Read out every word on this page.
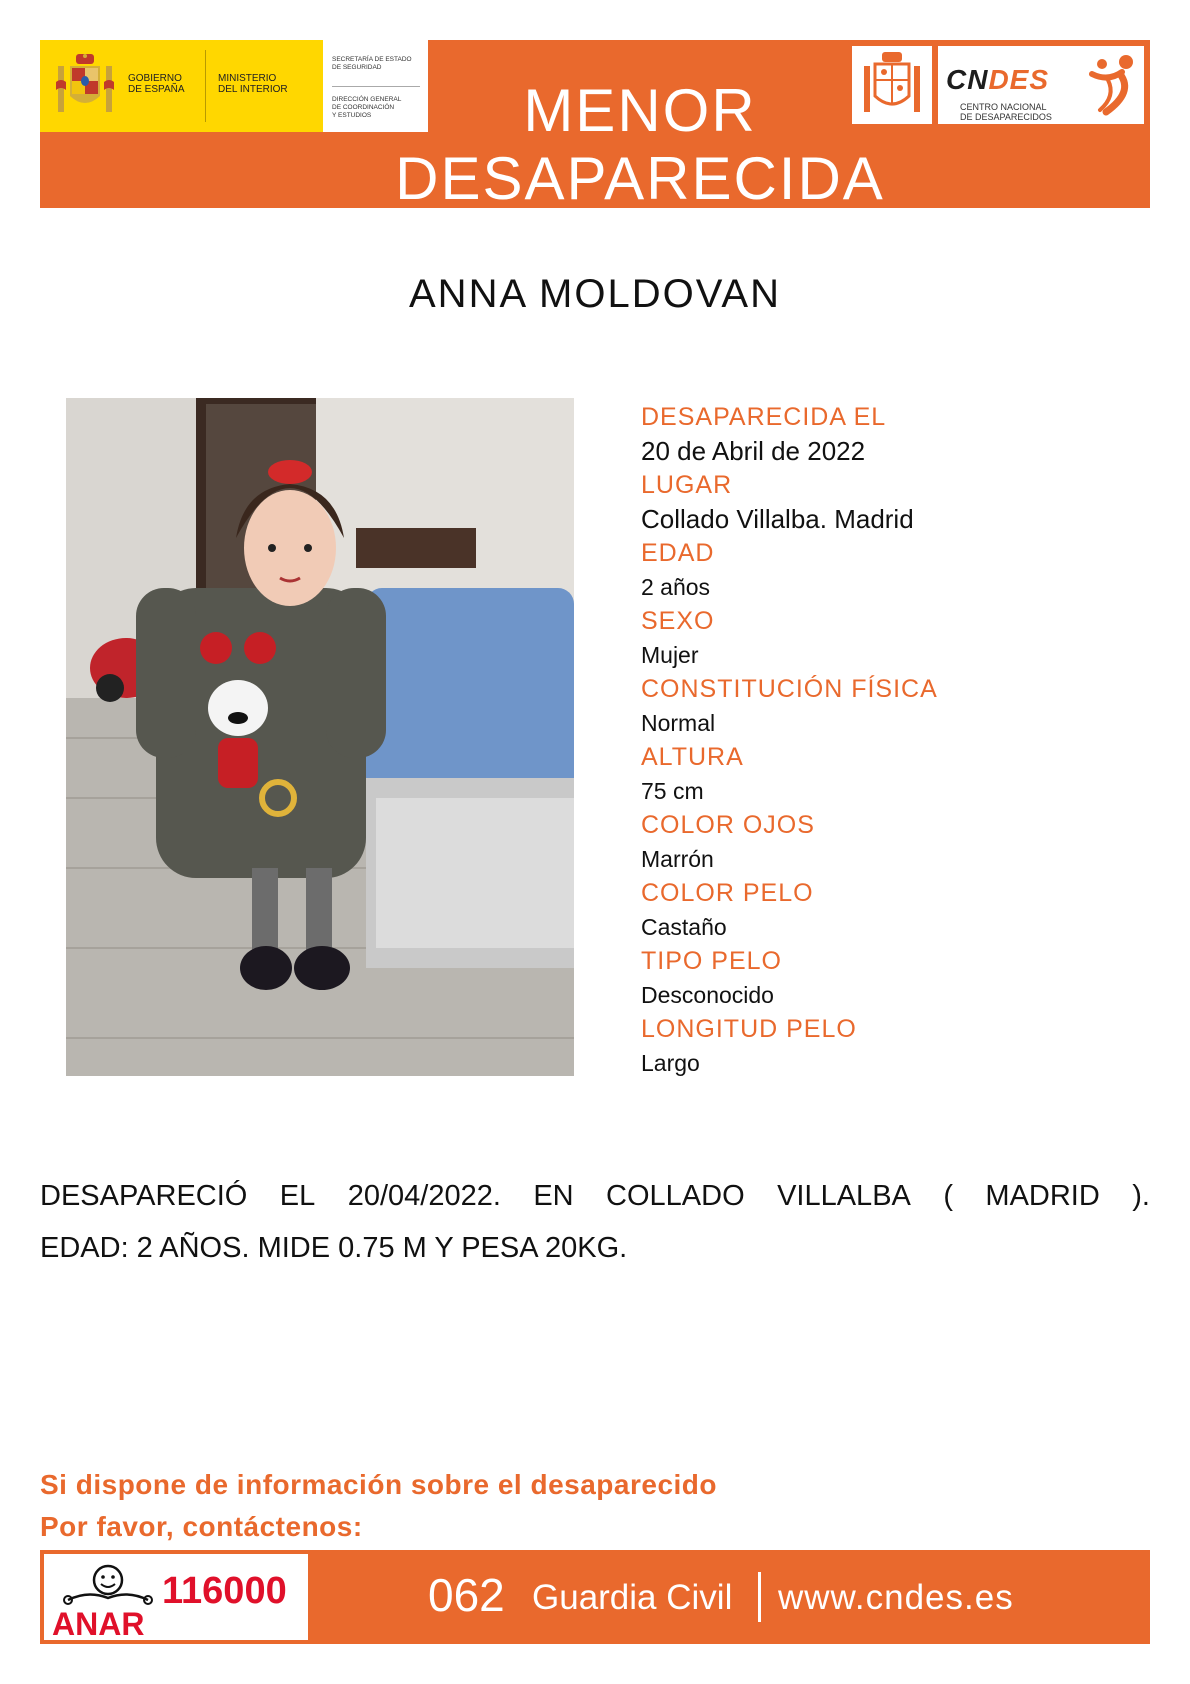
GOBIERNO
DE ESPAÑA
MINISTERIO
DEL INTERIOR
SECRETARÍA DE ESTADO
DE SEGURIDAD
DIRECCIÓN GENERAL
DE COORDINACIÓN
Y ESTUDIOS	MENOR
DESAPARECIDA
CNDES
CENTRO NACIONAL
DE DESAPARECIDOS
ANNA MOLDOVAN
DESAPARECIDA EL
20 de Abril de 2022
LUGAR
Collado Villalba. Madrid
EDAD
2 años
SEXO
Mujer
CONSTITUCIÓN FÍSICA
Normal
ALTURA
75 cm
COLOR OJOS
Marrón
COLOR PELO
Castaño
TIPO PELO
Desconocido
LONGITUD PELO
Largo
DESAPARECIÓ EL 20/04/2022. EN COLLADO VILLALBA ( MADRID ).
EDAD: 2 AÑOS. MIDE 0.75 M Y PESA 20KG.
Si dispone de información sobre el desaparecido
Por favor, contáctenos:
ANAR
116000	062 Guardia Civil www.cndes.es
